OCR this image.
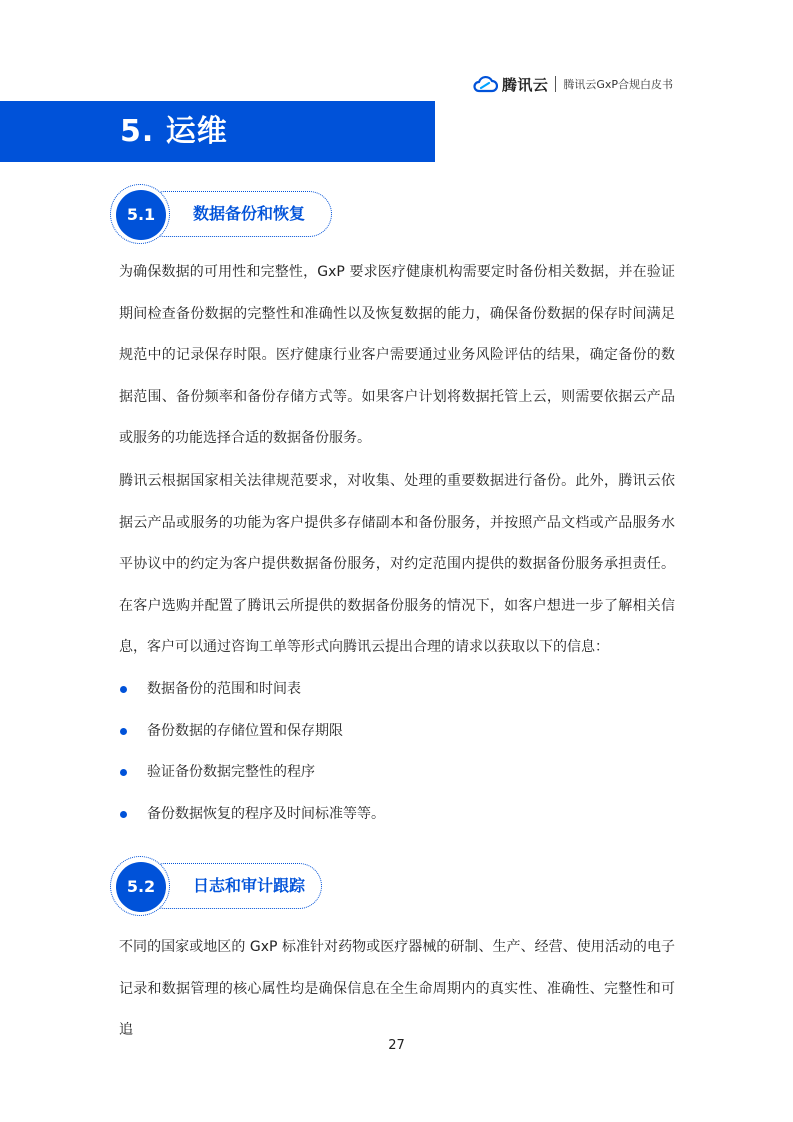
腾讯云 腾讯云GxP合规白皮书
5. 运维
数据备份和恢复
5.1

为确保数据的可用性和完整性，GxP 要求医疗健康机构需要定时备份相关数据，并在验证期间检查备份数据的完整性和准确性以及恢复数据的能力，确保备份数据的保存时间满足规范中的记录保存时限。医疗健康行业客户需要通过业务风险评估的结果，确定备份的数据范围、备份频率和备份存储方式等。如果客户计划将数据托管上云，则需要依据云产品或服务的功能选择合适的数据备份服务。

腾讯云根据国家相关法律规范要求，对收集、处理的重要数据进行备份。此外，腾讯云依据云产品或服务的功能为客户提供多存储副本和备份服务，并按照产品文档或产品服务水平协议中的约定为客户提供数据备份服务，对约定范围内提供的数据备份服务承担责任。在客户选购并配置了腾讯云所提供的数据备份服务的情况下，如客户想进一步了解相关信息，客户可以通过咨询工单等形式向腾讯云提出合理的请求以获取以下的信息：

数据备份的范围和时间表
备份数据的存储位置和保存期限
验证备份数据完整性的程序
备份数据恢复的程序及时间标准等等。
日志和审计跟踪
5.2

不同的国家或地区的 GxP 标准针对药物或医疗器械的研制、生产、经营、使用活动的电子记录和数据管理的核心属性均是确保信息在全生命周期内的真实性、准确性、完整性和可追

27
